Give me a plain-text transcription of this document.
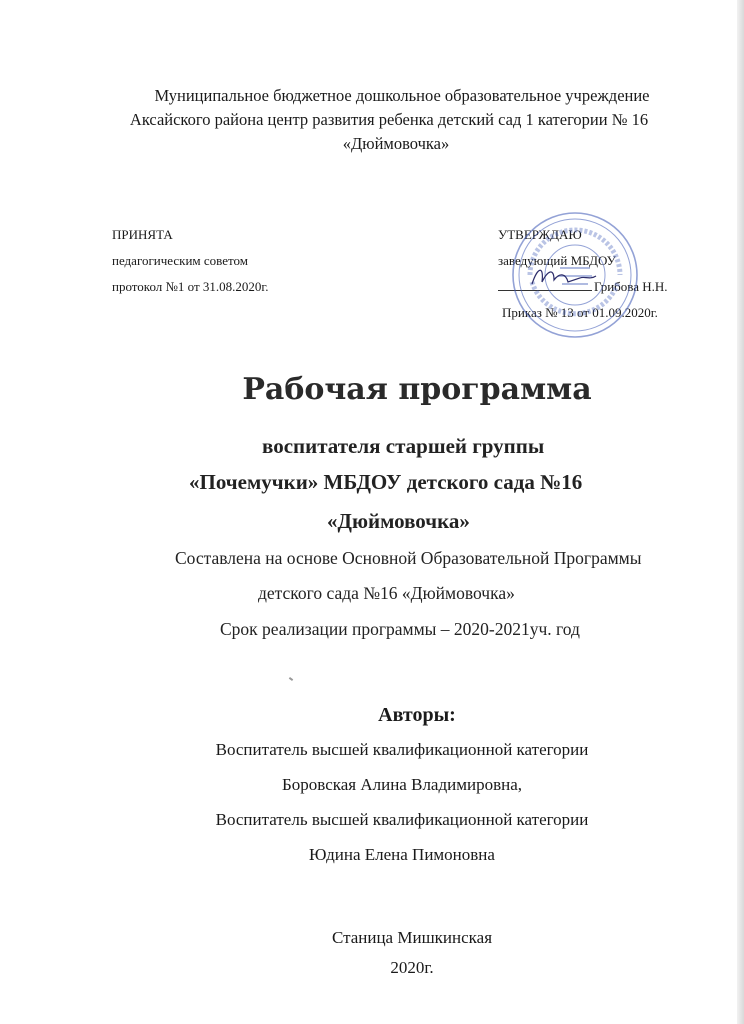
Муниципальное бюджетное дошкольное образовательное учреждение
Аксайского района центр развития ребенка детский сад 1 категории № 16
«Дюймовочка»
ПРИНЯТА
педагогическим советом
протокол №1 от 31.08.2020г.
УТВЕРЖДАЮ
заведующий МБДОУ
Грибова Н.Н.
Приказ № 13 от 01.09.2020г.
Рабочая программа
воспитателя старшей группы
«Почемучки» МБДОУ детского сада №16
«Дюймовочка»
Составлена на основе Основной Образовательной Программы
детского сада №16 «Дюймовочка»
Срок реализации программы – 2020-2021уч. год
Авторы:
Воспитатель высшей квалификационной категории
Боровская Алина Владимировна,
Воспитатель высшей квалификационной категории
Юдина Елена Пимоновна
Станица Мишкинская
2020г.
